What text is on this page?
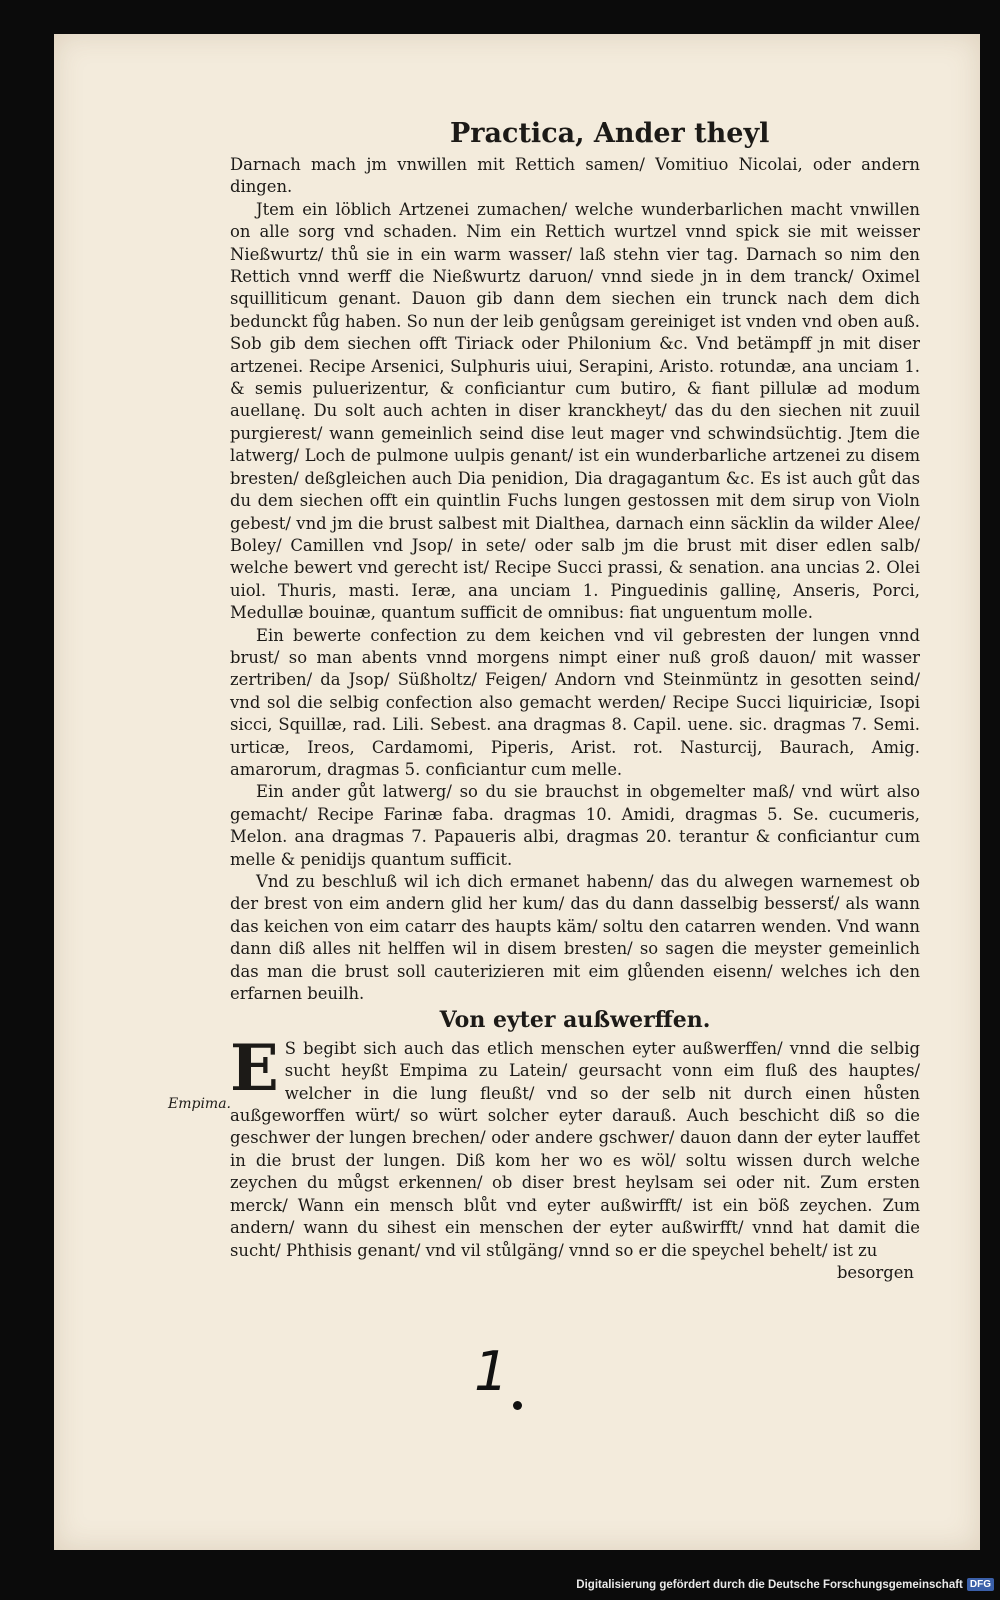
Practica, Ander theyl
Empima.

Darnach mach jm vnwillen mit Rettich samen/ Vomitiuo Nicolai, oder andern dingen.

Jtem ein löblich Artzenei zumachen/ welche wunderbarlichen macht vnwillen on alle sorg vnd schaden. Nim ein Rettich wurtzel vnnd spick sie mit weisser Nießwurtz/ thů sie in ein warm wasser/ laß stehn vier tag. Darnach so nim den Rettich vnnd werff die Nießwurtz daruon/ vnnd siede jn in dem tranck/ Oximel squilliticum genant. Dauon gib dann dem siechen ein trunck nach dem dich bedunckt fůg haben. So nun der leib genůgsam gereiniget ist vnden vnd oben auß. Sob gib dem siechen offt Tiriack oder Philonium &c. Vnd betämpff jn mit diser artzenei. Recipe Arsenici, Sulphuris uiui, Serapini, Aristo. rotundæ, ana unciam 1. & semis puluerizentur, & conficiantur cum butiro, & fiant pillulæ ad modum auellanę. Du solt auch achten in diser kranckheyt/ das du den siechen nit zuuil purgierest/ wann gemeinlich seind dise leut mager vnd schwindsüchtig. Jtem die latwerg/ Loch de pulmone uulpis genant/ ist ein wunderbarliche artzenei zu disem bresten/ deßgleichen auch Dia penidion, Dia dragagantum &c. Es ist auch gůt das du dem siechen offt ein quintlin Fuchs lungen gestossen mit dem sirup von Violn gebest/ vnd jm die brust salbest mit Dialthea, darnach einn säcklin da wilder Alee/ Boley/ Camillen vnd Jsop/ in sete/ oder salb jm die brust mit diser edlen salb/ welche bewert vnd gerecht ist/ Recipe Succi prassi, & senation. ana uncias 2. Olei uiol. Thuris, masti. Ieræ, ana unciam 1. Pinguedinis gallinę, Anseris, Porci, Medullæ bouinæ, quantum sufficit de omnibus: fiat unguentum molle.

Ein bewerte confection zu dem keichen vnd vil gebresten der lungen vnnd brust/ so man abents vnnd morgens nimpt einer nuß groß dauon/ mit wasser zertriben/ da Jsop/ Süßholtz/ Feigen/ Andorn vnd Steinmüntz in gesotten seind/ vnd sol die selbig confection also gemacht werden/ Recipe Succi liquiriciæ, Isopi sicci, Squillæ, rad. Lili. Sebest. ana dragmas 8. Capil. uene. sic. dragmas 7. Semi. urticæ, Ireos, Cardamomi, Piperis, Arist. rot. Nasturcij, Baurach, Amig. amarorum, dragmas 5. conficiantur cum melle.

Ein ander gůt latwerg/ so du sie brauchst in obgemelter maß/ vnd würt also gemacht/ Recipe Farinæ faba. dragmas 10. Amidi, dragmas 5. Se. cucumeris, Melon. ana dragmas 7. Papaueris albi, dragmas 20. terantur & conficiantur cum melle & penidijs quantum sufficit.

Vnd zu beschluß wil ich dich ermanet habenn/ das du alwegen warnemest ob der brest von eim andern glid her kum/ das du dann dasselbig bessersť/ als wann das keichen von eim catarr des haupts käm/ soltu den catarren wenden. Vnd wann dann diß alles nit helffen wil in disem bresten/ so sagen die meyster gemeinlich das man die brust soll cauterizieren mit eim glůenden eisenn/ welches ich den erfarnen beuilh.

Von eyter außwerffen.

E S begibt sich auch das etlich menschen eyter außwerffen/ vnnd die selbig sucht heyßt Empima zu Latein/ geursacht vonn eim fluß des hauptes/ welcher in die lung fleußt/ vnd so der selb nit durch einen hůsten außgeworffen würt/ so würt solcher eyter darauß. Auch beschicht diß so die geschwer der lungen brechen/ oder andere gschwer/ dauon dann der eyter lauffet in die brust der lungen. Diß kom her wo es wöl/ soltu wissen durch welche zeychen du můgst erkennen/ ob diser brest heylsam sei oder nit. Zum ersten merck/ Wann ein mensch blůt vnd eyter außwirfft/ ist ein böß zeychen. Zum andern/ wann du sihest ein menschen der eyter außwirfft/ vnnd hat damit die sucht/ Phthisis genant/ vnd vil stůlgäng/ vnnd so er die speychel behelt/ ist zu

besorgen
1
Digitalisierung gefördert durch die Deutsche Forschungsgemeinschaft DFG
